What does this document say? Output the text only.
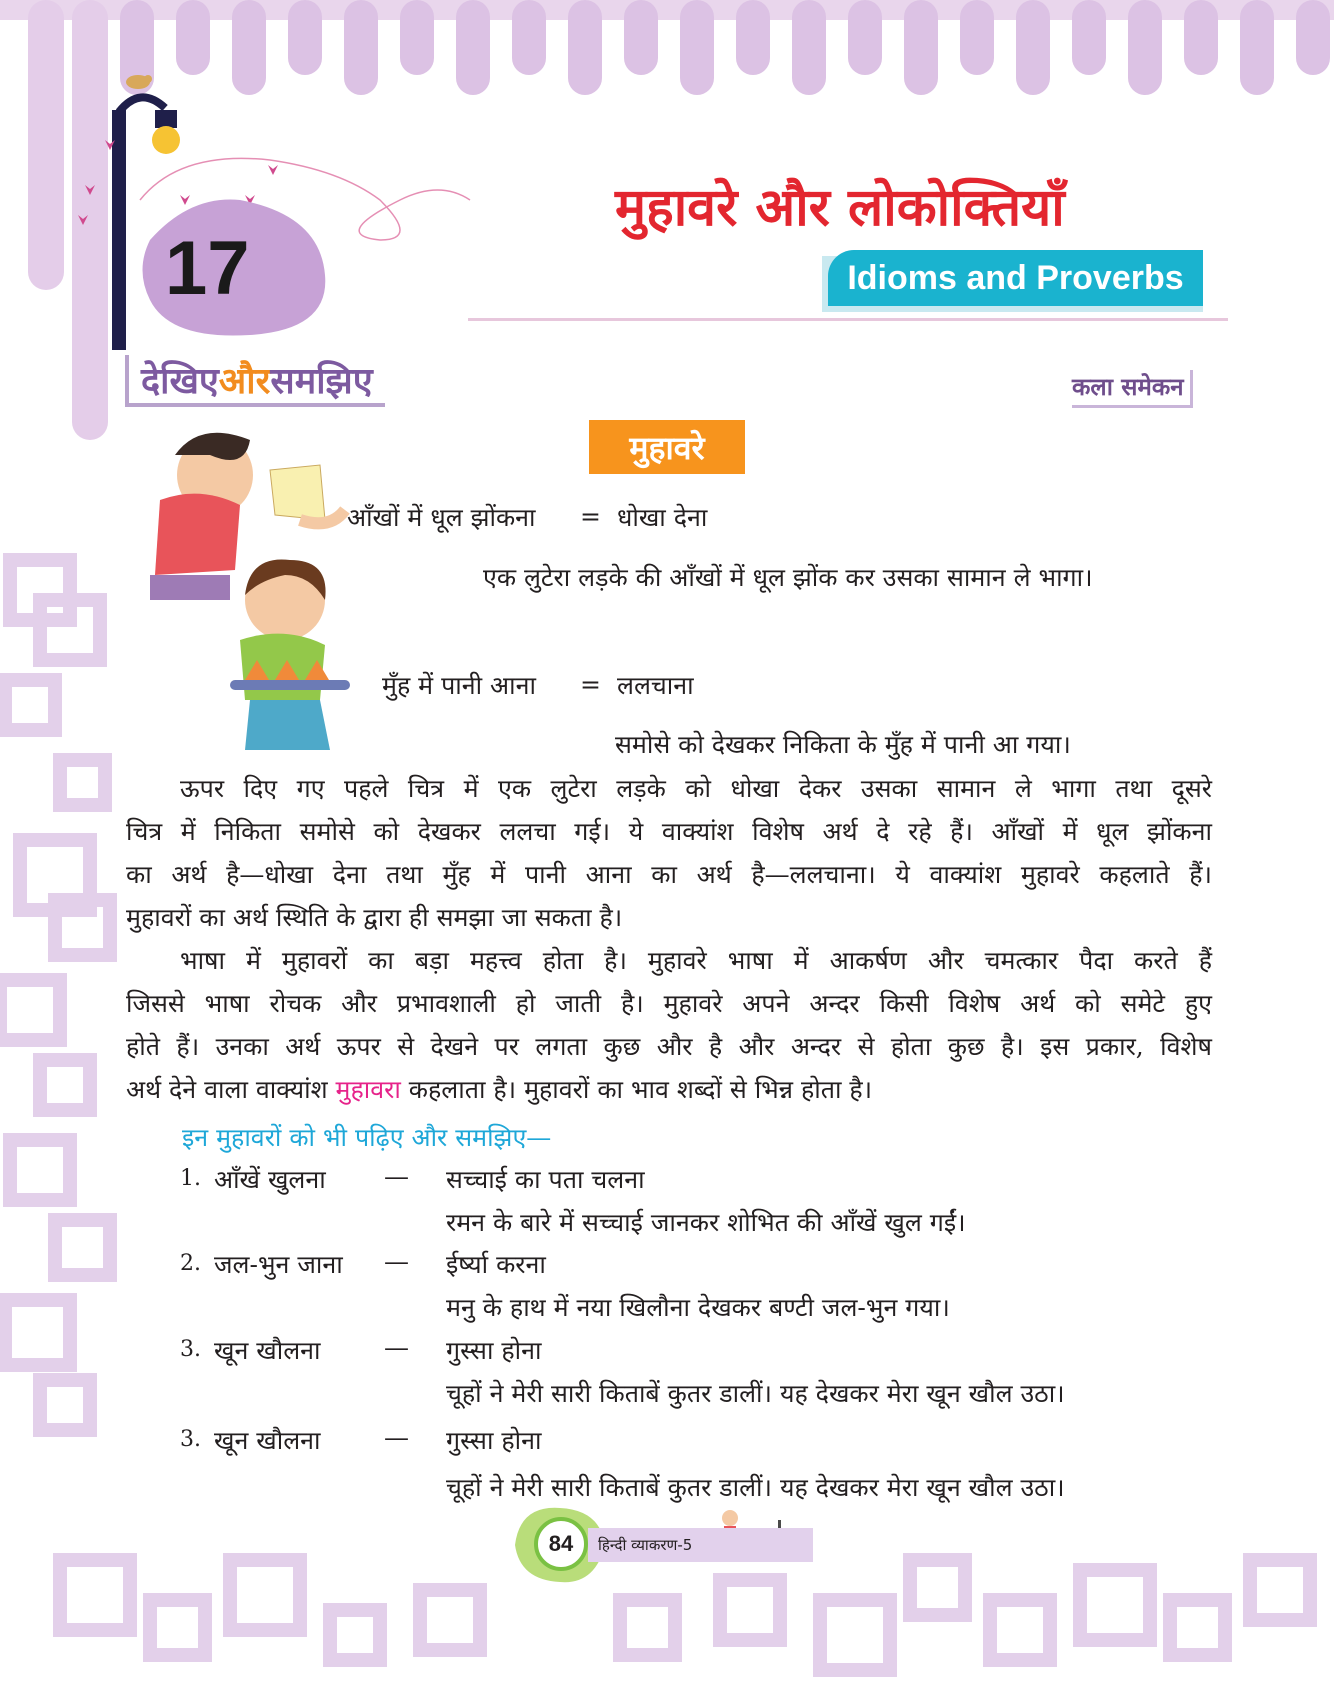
17
मुहावरे और लोकोक्तियाँ
Idioms and Proverbs
देखिए और समझिए	कला समेकन
मुहावरे
आँखों में धूल झोंकना = धोखा देना
एक लुटेरा लड़के की आँखों में धूल झोंक कर उसका सामान ले भागा।
मुँह में पानी आना = ललचाना
समोसे को देखकर निकिता के मुँह में पानी आ गया।
ऊपर दिए गए पहले चित्र में एक लुटेरा लड़के को धोखा देकर उसका सामान ले भागा तथा दूसरे
चित्र में निकिता समोसे को देखकर ललचा गई। ये वाक्यांश विशेष अर्थ दे रहे हैं। आँखों में धूल झोंकना
का अर्थ है—धोखा देना तथा मुँह में पानी आना का अर्थ है—ललचाना। ये वाक्यांश मुहावरे कहलाते हैं।
मुहावरों का अर्थ स्थिति के द्वारा ही समझा जा सकता है।
भाषा में मुहावरों का बड़ा महत्त्व होता है। मुहावरे भाषा में आकर्षण और चमत्कार पैदा करते हैं
जिससे भाषा रोचक और प्रभावशाली हो जाती है। मुहावरे अपने अन्दर किसी विशेष अर्थ को समेटे हुए
होते हैं। उनका अर्थ ऊपर से देखने पर लगता कुछ और है और अन्दर से होता कुछ है। इस प्रकार, विशेष
अर्थ देने वाला वाक्यांश मुहावरा कहलाता है। मुहावरों का भाव शब्दों से भिन्न होता है।
इन मुहावरों को भी पढ़िए और समझिए—
1. आँखें खुलना — सच्चाई का पता चलना
रमन के बारे में सच्चाई जानकर शोभित की आँखें खुल गईं।
2. जल-भुन जाना — ईर्ष्या करना
मनु के हाथ में नया खिलौना देखकर बण्टी जल-भुन गया।
3. खून खौलना	— गुस्सा होना
चूहों ने मेरी सारी किताबें कुतर डालीं। यह देखकर मेरा खून खौल उठा।
3. खून खौलना	— गुस्सा होना
चूहों ने मेरी सारी किताबें कुतर डालीं। यह देखकर मेरा खून खौल उठा।
84	हिन्दी व्याकरण-5
